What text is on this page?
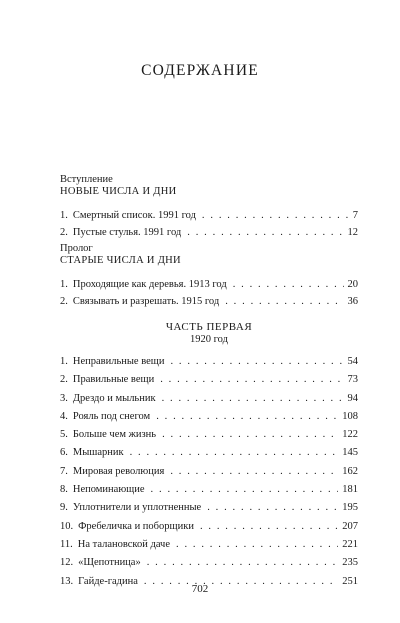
СОДЕРЖАНИЕ
Вступление
НОВЫЕ ЧИСЛА И ДНИ
1. Смертный список. 1991 год . . .	7
2. Пустые стулья. 1991 год . . .	12
Пролог
СТАРЫЕ ЧИСЛА И ДНИ
1. Проходящие как деревья. 1913 год . . .	20
2. Связывать и разрешать. 1915 год . . .	36
ЧАСТЬ ПЕРВАЯ
1920 год
1. Неправильные вещи . . .	54
2. Правильные вещи . . .	73
3. Дрездо и мыльник . . .	94
4. Рояль под снегом . . .	108
5. Больше чем жизнь . . .	122
6. Мышарник . . .	145
7. Мировая революция . . .	162
8. Непоминающие . . .	181
9. Уплотнители и уплотненные . . .	195
10. Фребеличка и поборщики . . .	207
11. На талановской даче . . .	221
12. «Щепотница» . . .	235
13. Гайде-гадина . . .	251
702
